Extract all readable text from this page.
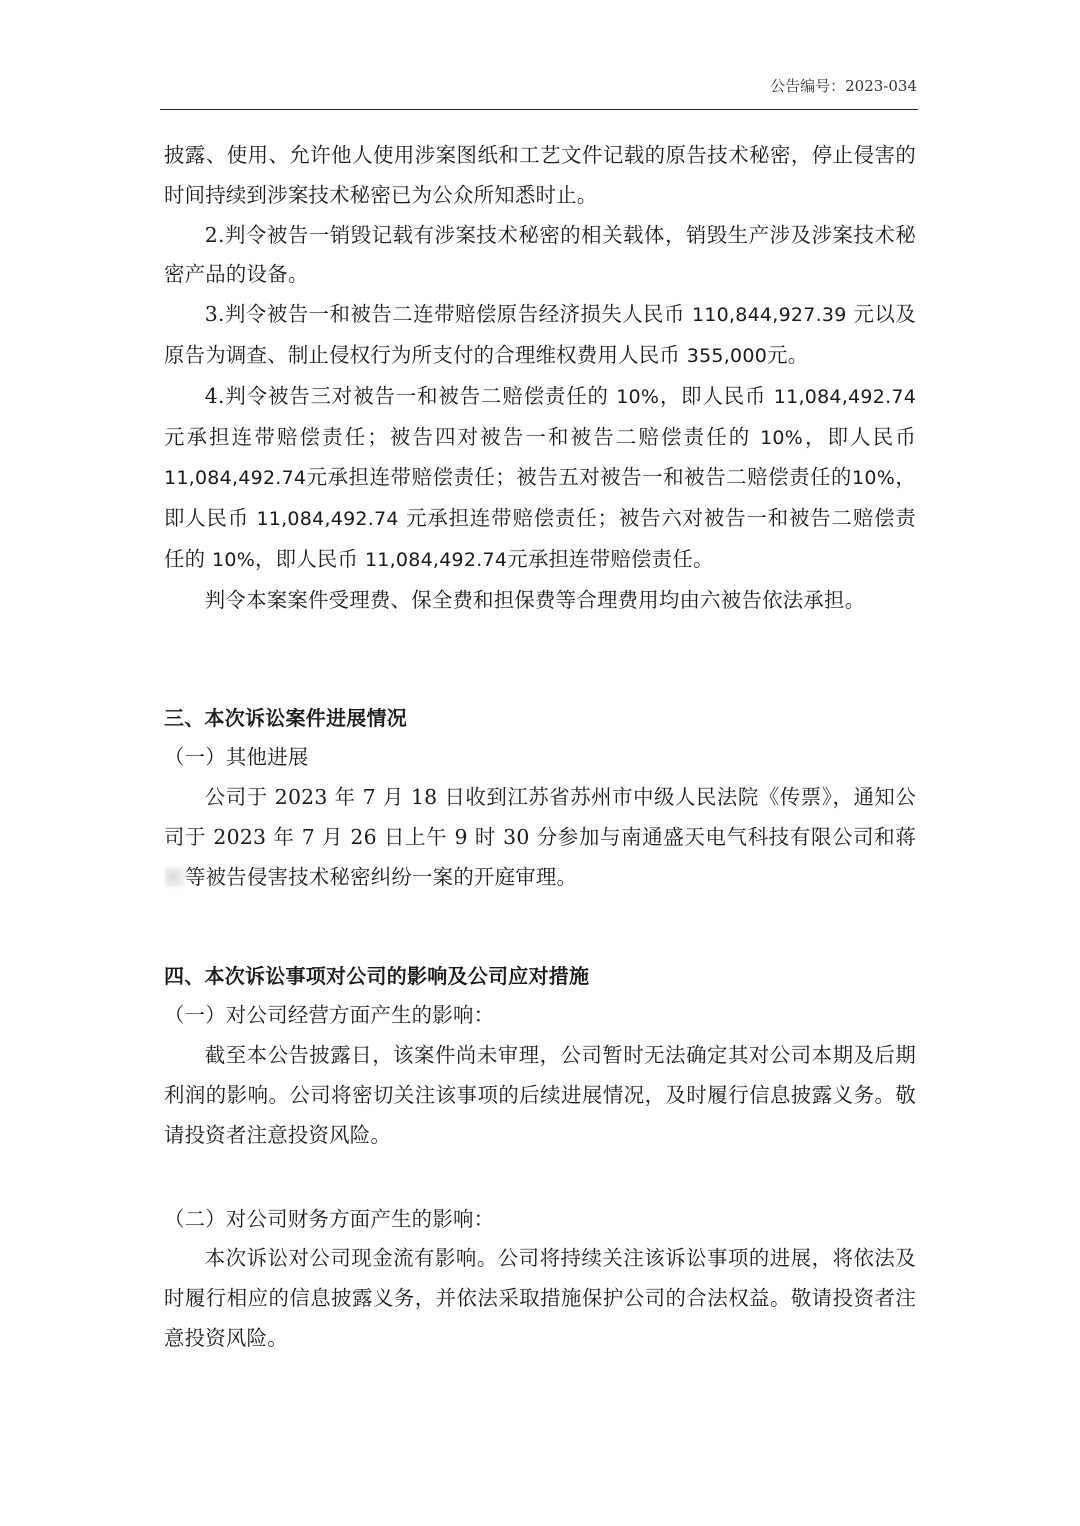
公告编号：2023-034

披露、使用、允许他人使用涉案图纸和工艺文件记载的原告技术秘密，停止侵害的时间持续到涉案技术秘密已为公众所知悉时止。

2.判令被告一销毁记载有涉案技术秘密的相关载体，销毁生产涉及涉案技术秘密产品的设备。

3.判令被告一和被告二连带赔偿原告经济损失人民币 110,844,927.39 元以及原告为调查、制止侵权行为所支付的合理维权费用人民币 355,000元。

4.判令被告三对被告一和被告二赔偿责任的 10%，即人民币 11,084,492.74 元承担连带赔偿责任；被告四对被告一和被告二赔偿责任的 10%，即人民币 11,084,492.74元承担连带赔偿责任；被告五对被告一和被告二赔偿责任的10%，即人民币 11,084,492.74 元承担连带赔偿责任；被告六对被告一和被告二赔偿责任的 10%，即人民币 11,084,492.74元承担连带赔偿责任。

判令本案案件受理费、保全费和担保费等合理费用均由六被告依法承担。

三、本次诉讼案件进展情况

（一）其他进展

公司于 2023 年 7 月 18 日收到江苏省苏州市中级人民法院《传票》，通知公司于 2023 年 7 月 26 日上午 9 时 30 分参加与南通盛天电气科技有限公司和蒋等被告侵害技术秘密纠纷一案的开庭审理。

四、本次诉讼事项对公司的影响及公司应对措施

（一）对公司经营方面产生的影响：

截至本公告披露日，该案件尚未审理，公司暂时无法确定其对公司本期及后期利润的影响。公司将密切关注该事项的后续进展情况，及时履行信息披露义务。敬请投资者注意投资风险。

（二）对公司财务方面产生的影响：

本次诉讼对公司现金流有影响。公司将持续关注该诉讼事项的进展，将依法及时履行相应的信息披露义务，并依法采取措施保护公司的合法权益。敬请投资者注意投资风险。
